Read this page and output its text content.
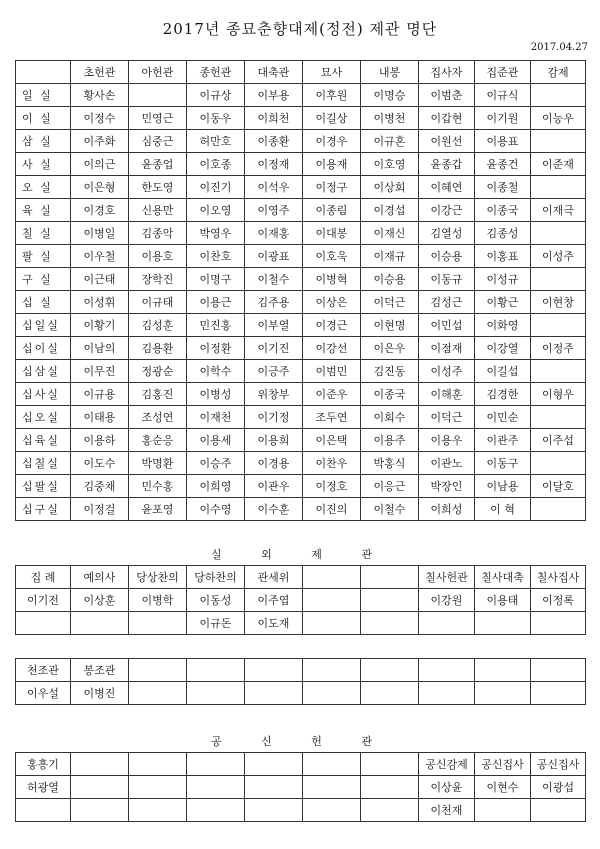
2017년 종묘춘향대제(정전) 제관 명단
2017.04.27
	초헌관	아헌관	종헌관	대축관	묘사	내봉	집사자	집준관	감제
일 실	황사손		이규상	이부용	이후원	이명승	이범춘	이규식	
이 실	이정수	민영근	이동우	이희천	이길상	이병천	이갑현	이기원	이능우
삼 실	이주화	심중근	허만호	이종환	이경우	이규혼	이원선	이용표	
사 실	이의근	윤종업	이호종	이정재	이용재	이호영	윤종갑	윤종건	이준재
오 실	이은형	한도영	이진기	이석우	이정구	이상회	이혜연	이종철	
육 실	이경호	신용만	이오영	이영주	이종림	이경섭	이강근	이종국	이재극
칠 실	이병일	김종악	박영우	이재홍	이대봉	이재신	김열성	김종성	
팔 실	이우철	이용호	이찬호	이광표	이호욱	이재규	이승용	이홍표	이성주
구 실	이근태	장학진	이명구	이철수	이병혁	이승용	이동규	이성규	
십 실	이성휘	이규태	이용근	김주용	이상은	이덕근	김성근	이황근	이현창
십일실	이황기	김성훈	민진홍	이부열	이경근	이현명	이민섭	이화영	
십이실	이남의	김용환	이정환	이기진	이강선	이은우	이점재	이강열	이정주
십삼실	이무진	정광순	이학수	이긍주	이범민	김진동	이성주	이길섭	
십사실	이규용	김홍진	이병성	위창부	이준우	이종국	이해훈	김경한	이형우
십오실	이태용	조성연	이재천	이기정	조두연	이회수	이덕근	이민순	
십육실	이용하	홍순응	이용세	이용희	이은택	이용주	이용우	이관주	이주섭
십칠실	이도수	박명환	이승주	이경용	이찬우	박홍식	이관노	이동구	
십팔실	김중채	민수홍	이희영	이관우	이정호	이응근	박장인	이남용	이달호
십구실	이정걸	윤포영	이수영	이수훈	이진의	이철수	이희성	이 혁	
실 외 제 관									
집 례	예의사	당상찬의	당하찬의	관세위			칠사헌관	칠사대축	칠사집사
이기전	이상훈	이병학	이동성	이주엽			이강원	이용태	이정록
			이규돈	이도재					
천조관	봉조관								
이우설	이병진								
공 신 헌 관									
홍흥기							공신감제	공신집사	공신집사
허광열							이상윤	이현수	이광섭
							이천재		
